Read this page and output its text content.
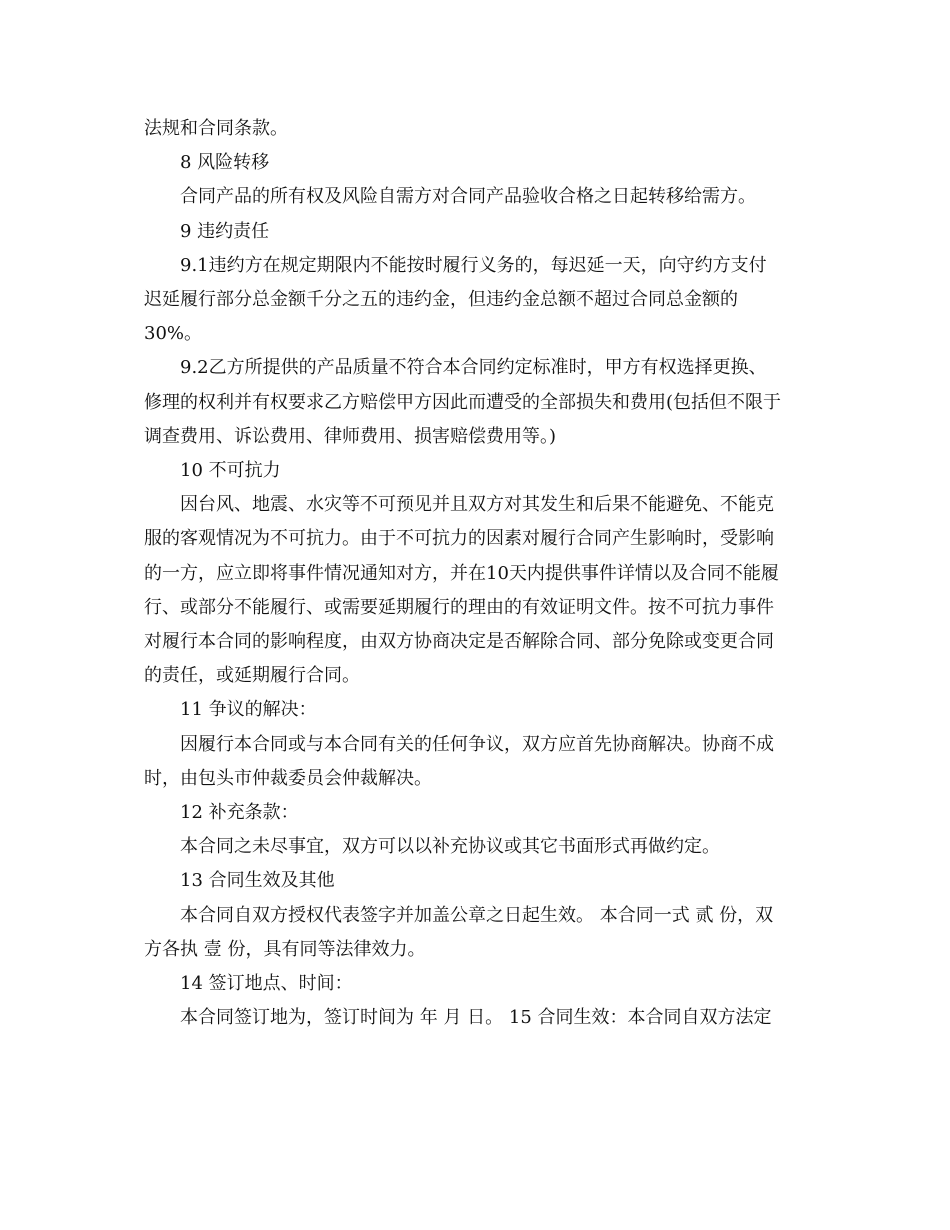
法规和合同条款。

8 风险转移

合同产品的所有权及风险自需方对合同产品验收合格之日起转移给需方。

9 违约责任

9.1违约方在规定期限内不能按时履行义务的，每迟延一天，向守约方支付

迟延履行部分总金额千分之五的违约金，但违约金总额不超过合同总金额的

30%。

9.2乙方所提供的产品质量不符合本合同约定标准时，甲方有权选择更换、

修理的权利并有权要求乙方赔偿甲方因此而遭受的全部损失和费用(包括但不限于

调查费用、诉讼费用、律师费用、损害赔偿费用等。)

10 不可抗力

因台风、地震、水灾等不可预见并且双方对其发生和后果不能避免、不能克

服的客观情况为不可抗力。由于不可抗力的因素对履行合同产生影响时，受影响

的一方，应立即将事件情况通知对方，并在10天内提供事件详情以及合同不能履

行、或部分不能履行、或需要延期履行的理由的有效证明文件。按不可抗力事件

对履行本合同的影响程度，由双方协商决定是否解除合同、部分免除或变更合同

的责任，或延期履行合同。

11 争议的解决：

因履行本合同或与本合同有关的任何争议，双方应首先协商解决。协商不成

时，由包头市仲裁委员会仲裁解决。

12 补充条款：

本合同之未尽事宜，双方可以以补充协议或其它书面形式再做约定。

13 合同生效及其他

本合同自双方授权代表签字并加盖公章之日起生效。 本合同一式 贰 份，双

方各执 壹 份，具有同等法律效力。

14 签订地点、时间：

本合同签订地为，签订时间为 年 月 日。 15 合同生效：本合同自双方法定
